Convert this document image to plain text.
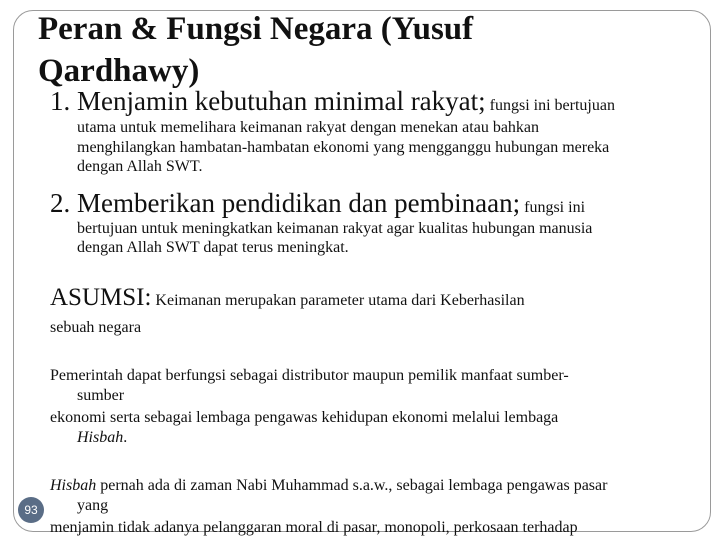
Peran & Fungsi Negara (Yusuf Qardhawy)
1. Menjamin kebutuhan minimal rakyat; fungsi ini bertujuan
utama untuk memelihara keimanan rakyat dengan menekan atau bahkan
menghilangkan hambatan-hambatan ekonomi yang mengganggu hubungan mereka
dengan Allah SWT.
2. Memberikan pendidikan dan pembinaan; fungsi ini
bertujuan untuk meningkatkan keimanan rakyat agar kualitas hubungan manusia
dengan Allah SWT dapat terus meningkat.
ASUMSI: Keimanan merupakan parameter utama dari Keberhasilan
sebuah negara
Pemerintah dapat berfungsi sebagai distributor maupun pemilik manfaat sumber-
sumber
ekonomi serta sebagai lembaga pengawas kehidupan ekonomi melalui lembaga
Hisbah.
Hisbah pernah ada di zaman Nabi Muhammad s.a.w., sebagai lembaga pengawas pasar
yang
menjamin tidak adanya pelanggaran moral di pasar, monopoli, perkosaan terhadap
93
